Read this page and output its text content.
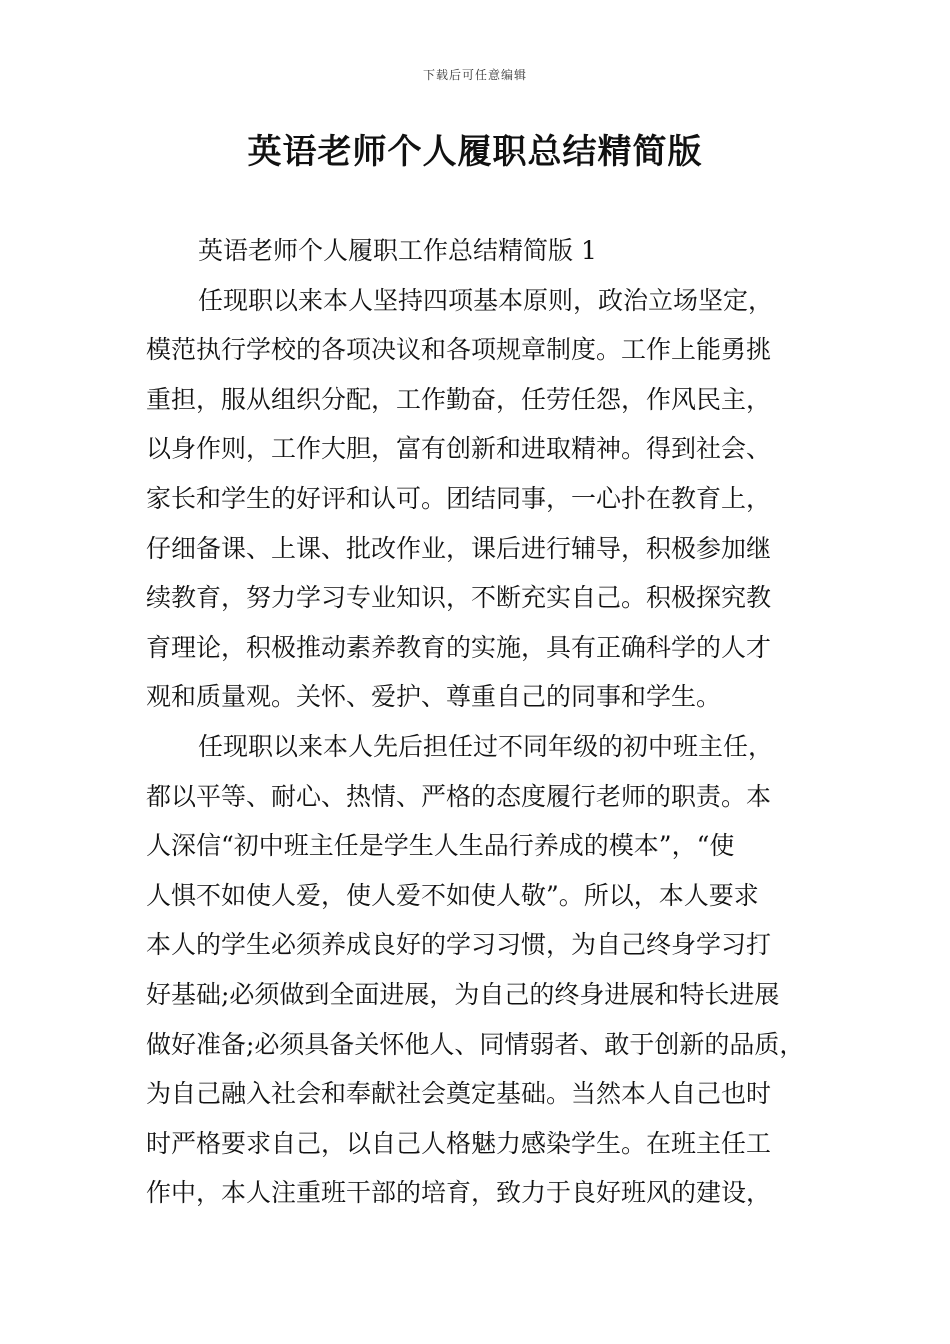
下载后可任意编辑
英语老师个人履职总结精简版

英语老师个人履职工作总结精简版 1

任现职以来本人坚持四项基本原则，政治立场坚定，

模范执行学校的各项决议和各项规章制度。工作上能勇挑

重担，服从组织分配，工作勤奋，任劳任怨，作风民主，

以身作则，工作大胆，富有创新和进取精神。得到社会、

家长和学生的好评和认可。团结同事，一心扑在教育上，

仔细备课、上课、批改作业，课后进行辅导，积极参加继

续教育，努力学习专业知识，不断充实自己。积极探究教

育理论，积极推动素养教育的实施，具有正确科学的人才

观和质量观。关怀、爱护、尊重自己的同事和学生。

任现职以来本人先后担任过不同年级的初中班主任，

都以平等、耐心、热情、严格的态度履行老师的职责。本

人深信“初中班主任是学生人生品行养成的模本”，“使

人惧不如使人爱，使人爱不如使人敬”。所以，本人要求

本人的学生必须养成良好的学习习惯，为自己终身学习打

好基础;必须做到全面进展，为自己的终身进展和特长进展

做好准备;必须具备关怀他人、同情弱者、敢于创新的品质，

为自己融入社会和奉献社会奠定基础。当然本人自己也时

时严格要求自己，以自己人格魅力感染学生。在班主任工

作中，本人注重班干部的培育，致力于良好班风的建设，
